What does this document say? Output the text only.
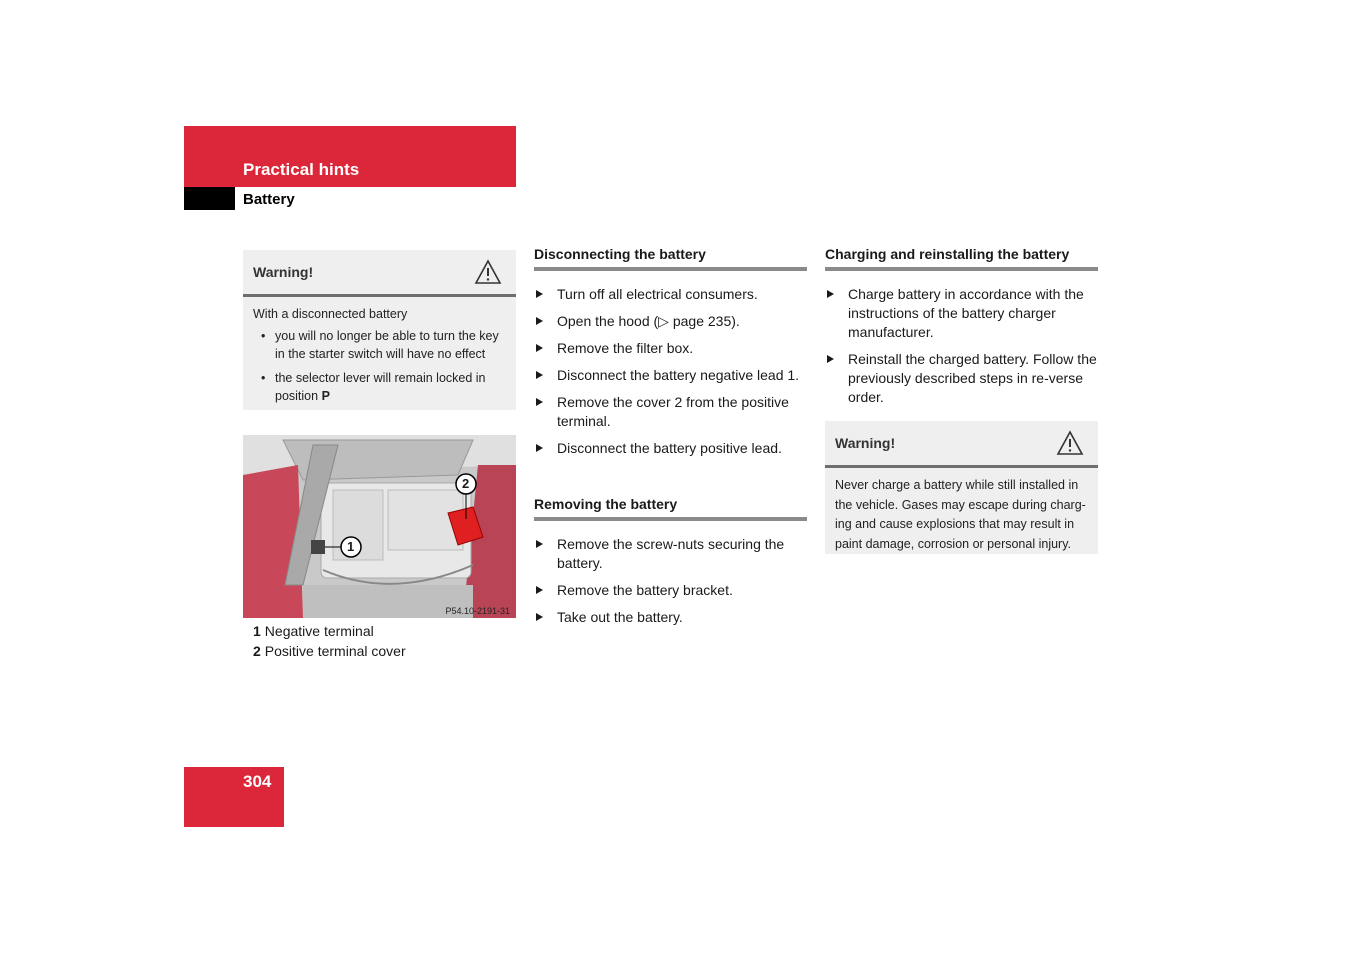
Practical hints
Battery
Warning!
With a disconnected battery
• you will no longer be able to turn the key in the starter switch will have no effect
• the selector lever will remain locked in position P
1
2
P54.10-2191-31
1 Negative terminal
2 Positive terminal cover
Disconnecting the battery
Turn off all electrical consumers.
Open the hood (▷ page 235).
Remove the filter box.
Disconnect the battery negative lead 1.
Remove the cover 2 from the positive terminal.
Disconnect the battery positive lead.
Removing the battery
Remove the screw-nuts securing the battery.
Remove the battery bracket.
Take out the battery.
Charging and reinstalling the battery
Charge battery in accordance with the instructions of the battery charger manufacturer.
Reinstall the charged battery. Follow the previously described steps in re-verse order.
Warning!
Never charge a battery while still installed in the vehicle. Gases may escape during charg-ing and cause explosions that may result in paint damage, corrosion or personal injury.
304
